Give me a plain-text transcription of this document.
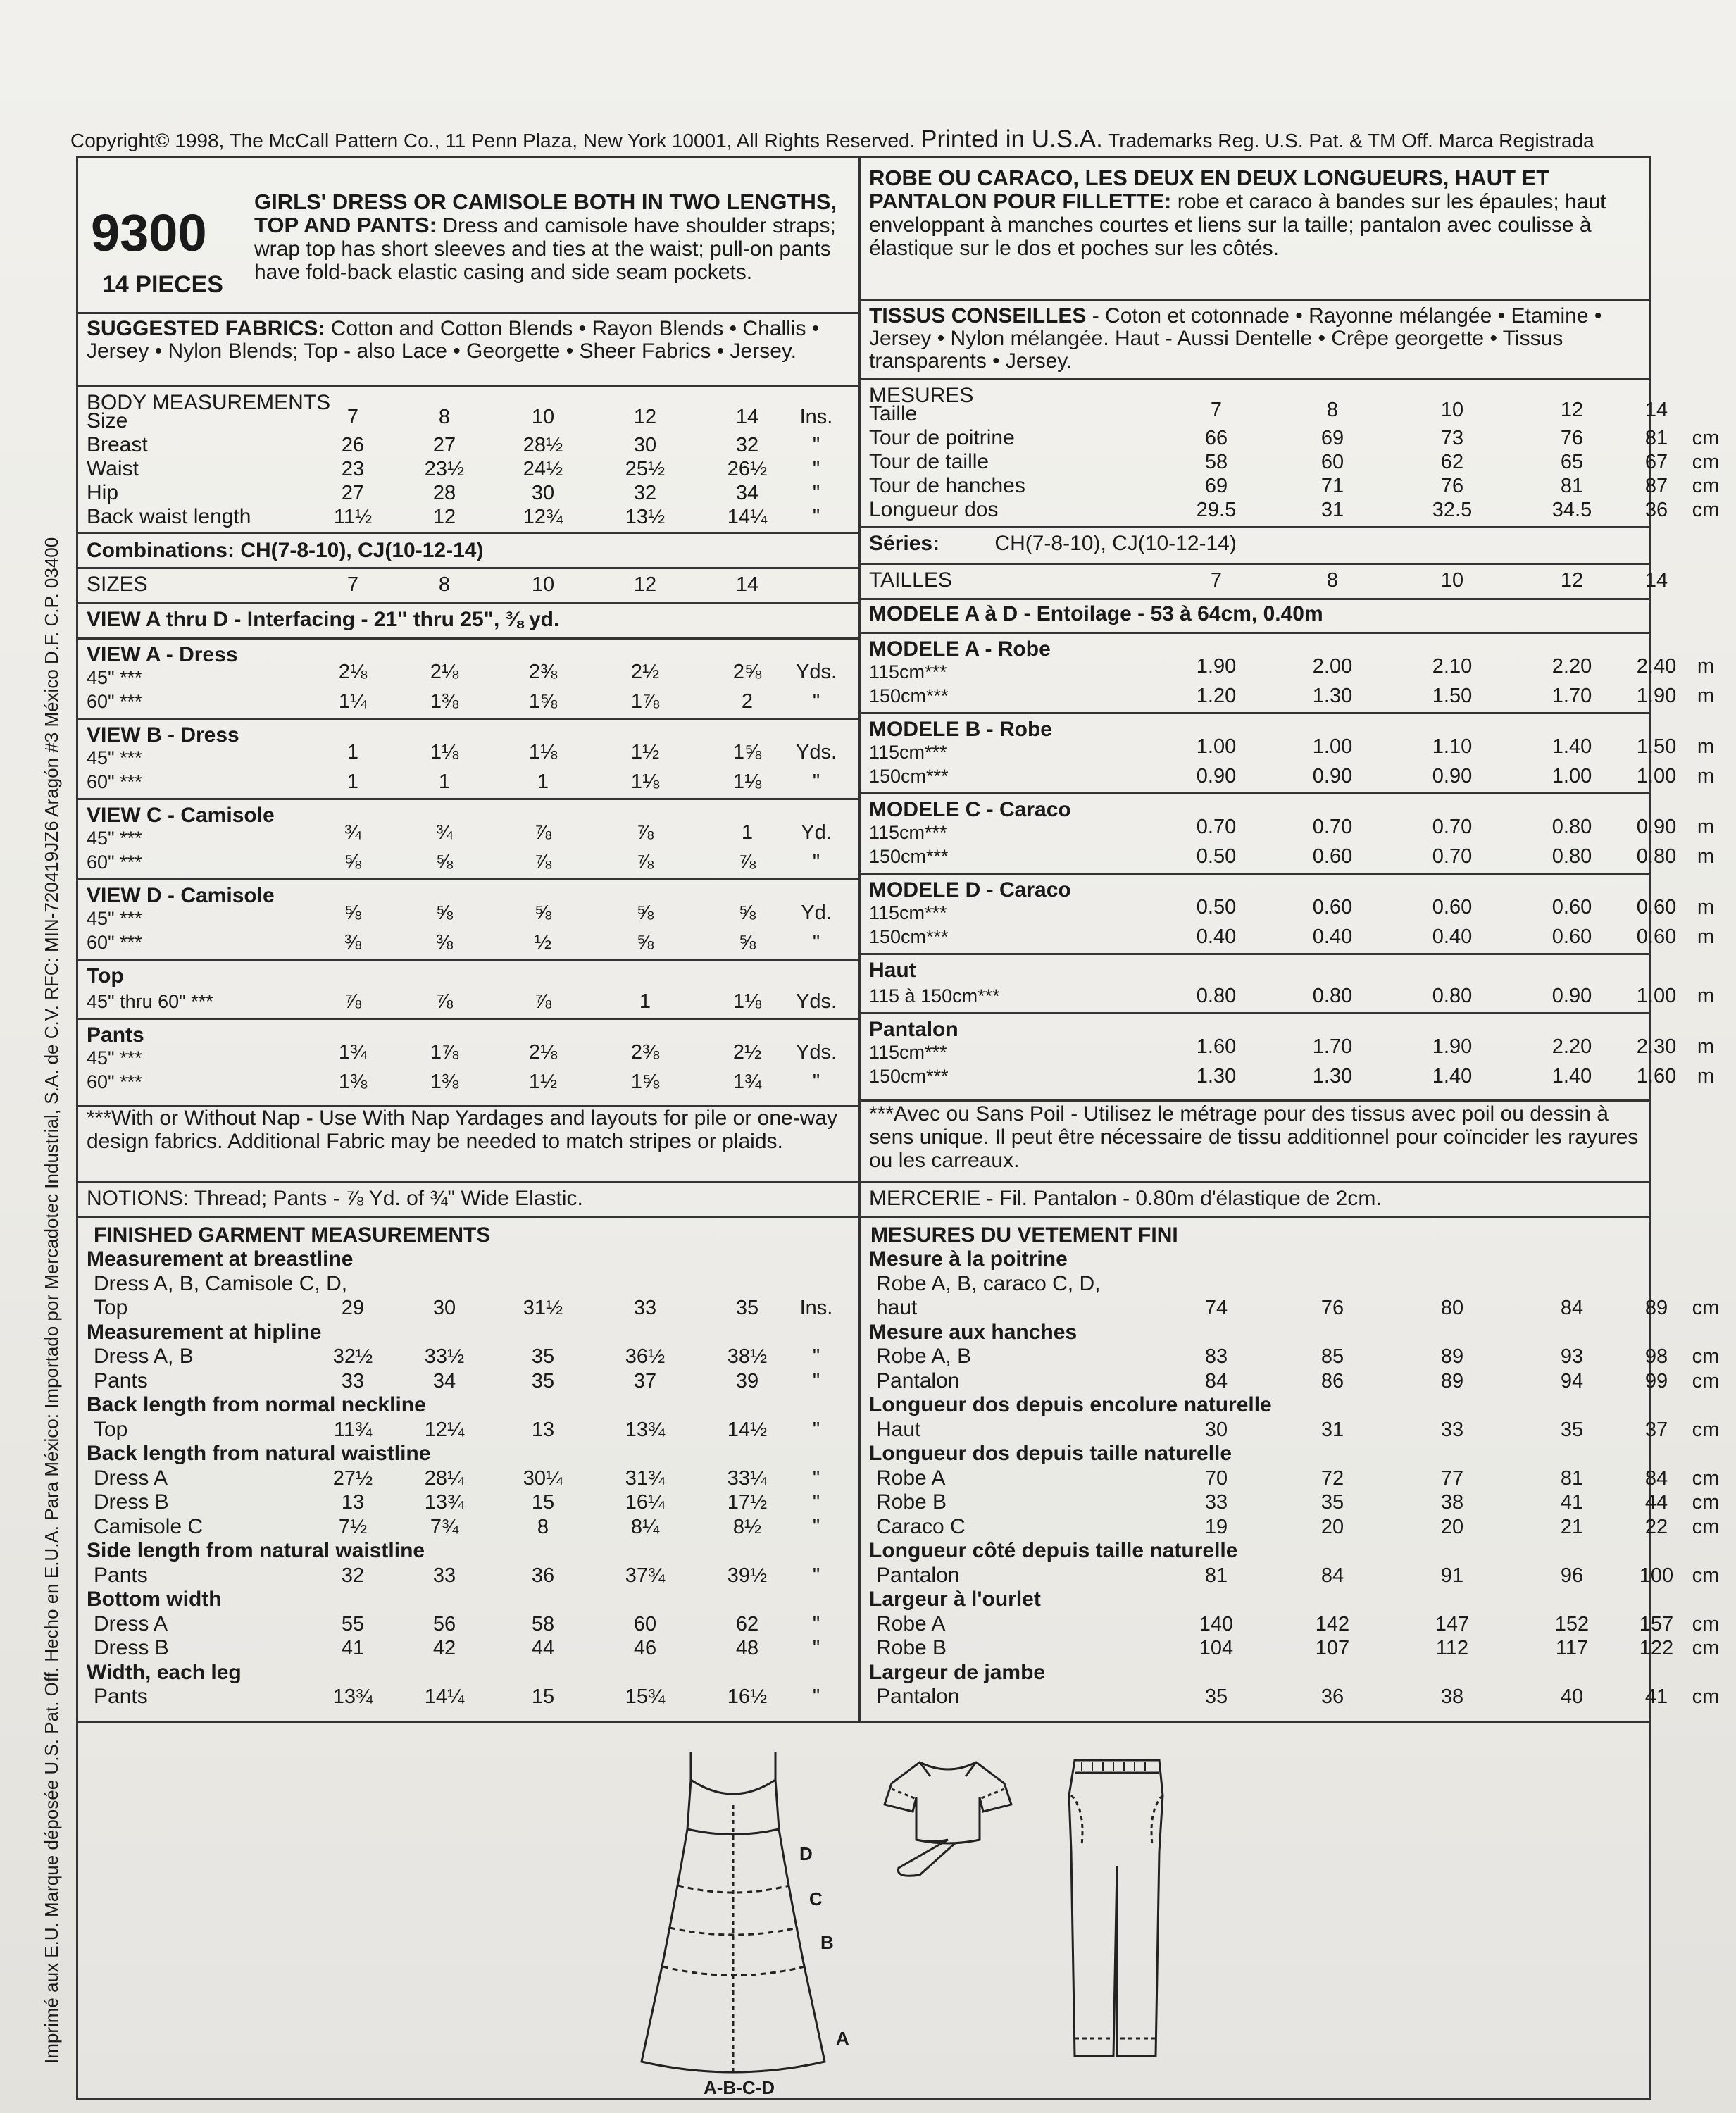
Copyright© 1998, The McCall Pattern Co., 11 Penn Plaza, New York 10001, All Rights Reserved. Printed in U.S.A. Trademarks Reg. U.S. Pat. & TM Off. Marca Registrada
Imprimé aux E.U. Marque déposée U.S. Pat. Off. Hecho en E.U.A. Para México: Importado por Mercadotec Industrial, S.A. de C.V. RFC: MIN-720419JZ6 Aragón #3 México D.F. C.P. 03400
9300
14 PIECES
GIRLS' DRESS OR CAMISOLE BOTH IN TWO LENGTHS, TOP AND PANTS: Dress and camisole have shoulder straps; wrap top has short sleeves and ties at the waist; pull-on pants have fold-back elastic casing and side seam pockets.
SUGGESTED FABRICS: Cotton and Cotton Blends • Rayon Blends • Challis • Jersey • Nylon Blends; Top - also Lace • Georgette • Sheer Fabrics • Jersey.
BODY MEASUREMENTS
Size	7	8	10	12	14	Ins.
Breast	26	27	28½	30	32	"
Waist	23	23½	24½	25½	26½	"
Hip	27	28	30	32	34	"
Back waist length	11½	12	12¾	13½	14¼	"
Combinations: CH(7-8-10), CJ(10-12-14)
SIZES	7	8	10	12	14
VIEW A thru D - Interfacing - 21" thru 25", ⅜ yd.
VIEW A - Dress
45" ***	2⅛	2⅛	2⅜	2½	2⅝	Yds.
60" ***	1¼	1⅜	1⅝	1⅞	2	"
VIEW B - Dress
45" ***	1	1⅛	1⅛	1½	1⅝	Yds.
60" ***	1	1	1	1⅛	1⅛	"
VIEW C - Camisole
45" ***	¾	¾	⅞	⅞	1	Yd.
60" ***	⅝	⅝	⅞	⅞	⅞	"
VIEW D - Camisole
45" ***	⅝	⅝	⅝	⅝	⅝	Yd.
60" ***	⅜	⅜	½	⅝	⅝	"
Top
45" thru 60" ***	⅞	⅞	⅞	1	1⅛	Yds.
Pants
45" ***	1¾	1⅞	2⅛	2⅜	2½	Yds.
60" ***	1⅜	1⅜	1½	1⅝	1¾	"
***With or Without Nap - Use With Nap Yardages and layouts for pile or one-way design fabrics. Additional Fabric may be needed to match stripes or plaids.
NOTIONS: Thread; Pants - ⅞ Yd. of ¾" Wide Elastic.
FINISHED GARMENT MEASUREMENTS
Measurement at breastline
Dress A, B, Camisole C, D,
Top	29	30	31½	33	35	Ins.
Measurement at hipline
Dress A, B	32½	33½	35	36½	38½	"
Pants	33	34	35	37	39	"
Back length from normal neckline
Top	11¾	12¼	13	13¾	14½	"
Back length from natural waistline
Dress A	27½	28¼	30¼	31¾	33¼	"
Dress B	13	13¾	15	16¼	17½	"
Camisole C	7½	7¾	8	8¼	8½	"
Side length from natural waistline
Pants	32	33	36	37¾	39½	"
Bottom width
Dress A	55	56	58	60	62	"
Dress B	41	42	44	46	48	"
Width, each leg
Pants	13¾	14¼	15	15¾	16½	"
ROBE OU CARACO, LES DEUX EN DEUX LONGUEURS, HAUT ET PANTALON POUR FILLETTE: robe et caraco à bandes sur les épaules; haut enveloppant à manches courtes et liens sur la taille; pantalon avec coulisse à élastique sur le dos et poches sur les côtés.
TISSUS CONSEILLES - Coton et cotonnade • Rayonne mélangée • Etamine • Jersey • Nylon mélangée. Haut - Aussi Dentelle • Crêpe georgette • Tissus transparents • Jersey.
MESURES
Taille	7	8	10	12	14
Tour de poitrine	66	69	73	76	81	cm
Tour de taille	58	60	62	65	67	cm
Tour de hanches	69	71	76	81	87	cm
Longueur dos	29.5	31	32.5	34.5	36	cm
Séries:	CH(7-8-10), CJ(10-12-14)
TAILLES	7	8	10	12	14
MODELE A à D - Entoilage - 53 à 64cm, 0.40m
MODELE A - Robe
115cm***	1.90	2.00	2.10	2.20	2.40	m
150cm***	1.20	1.30	1.50	1.70	1.90	m
MODELE B - Robe
115cm***	1.00	1.00	1.10	1.40	1.50	m
150cm***	0.90	0.90	0.90	1.00	1.00	m
MODELE C - Caraco
115cm***	0.70	0.70	0.70	0.80	0.90	m
150cm***	0.50	0.60	0.70	0.80	0.80	m
MODELE D - Caraco
115cm***	0.50	0.60	0.60	0.60	0.60	m
150cm***	0.40	0.40	0.40	0.60	0.60	m
Haut
115 à 150cm***	0.80	0.80	0.80	0.90	1.00	m
Pantalon
115cm***	1.60	1.70	1.90	2.20	2.30	m
150cm***	1.30	1.30	1.40	1.40	1.60	m
***Avec ou Sans Poil - Utilisez le métrage pour des tissus avec poil ou dessin à sens unique. Il peut être nécessaire de tissu additionnel pour coïncider les rayures ou les carreaux.
MERCERIE - Fil. Pantalon - 0.80m d'élastique de 2cm.
MESURES DU VETEMENT FINI
Mesure à la poitrine
Robe A, B, caraco C, D,
haut	74	76	80	84	89	cm
Mesure aux hanches
Robe A, B	83	85	89	93	98	cm
Pantalon	84	86	89	94	99	cm
Longueur dos depuis encolure naturelle
Haut	30	31	33	35	37	cm
Longueur dos depuis taille naturelle
Robe A	70	72	77	81	84	cm
Robe B	33	35	38	41	44	cm
Caraco C	19	20	20	21	22	cm
Longueur côté depuis taille naturelle
Pantalon	81	84	91	96	100 cm
Largeur à l'ourlet
Robe A	140	142	147	152	157 cm
Robe B	104	107	112	117	122 cm
Largeur de jambe
Pantalon	35	36	38	40	41	cm
D
C
B
A
A-B-C-D
